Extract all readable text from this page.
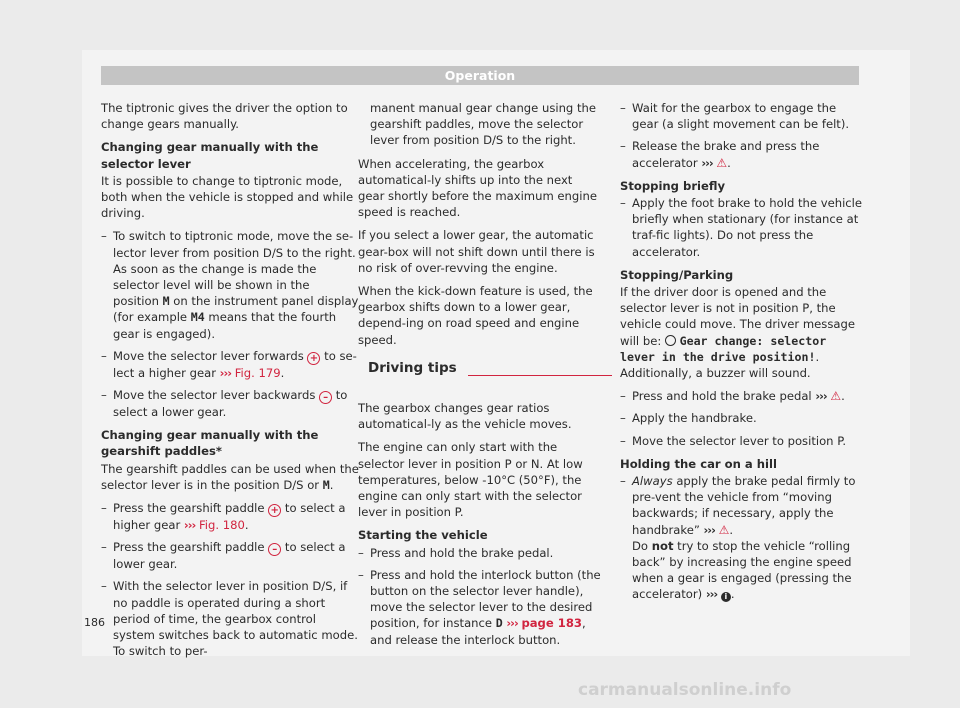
Operation

The tiptronic gives the driver the option to change gears manually.

Changing gear manually with the selector lever

It is possible to change to tiptronic mode, both when the vehicle is stopped and while driving.

– To switch to tiptronic mode, move the se-lector lever from position D/S to the right. As soon as the change is made the selector level will be shown in the position M on the instrument panel display (for example M4 means that the fourth gear is engaged).
– Move the selector lever forwards + to se-lect a higher gear ››› Fig. 179.
– Move the selector lever backwards – to select a lower gear.

Changing gear manually with the gearshift paddles*

The gearshift paddles can be used when the selector lever is in the position D/S or M.

– Press the gearshift paddle + to select a higher gear ››› Fig. 180.
– Press the gearshift paddle – to select a lower gear.
– With the selector lever in position D/S, if no paddle is operated during a short period of time, the gearbox control system switches back to automatic mode. To switch to per-

manent manual gear change using the gearshift paddles, move the selector lever from position D/S to the right.

When accelerating, the gearbox automatical-ly shifts up into the next gear shortly before the maximum engine speed is reached.

If you select a lower gear, the automatic gear-box will not shift down until there is no risk of over-revving the engine.

When the kick-down feature is used, the gearbox shifts down to a lower gear, depend-ing on road speed and engine speed.

Driving tips

The gearbox changes gear ratios automatical-ly as the vehicle moves.

The engine can only start with the selector lever in position P or N. At low temperatures, below -10°C (50°F), the engine can only start with the selector lever in position P.

Starting the vehicle

– Press and hold the brake pedal.
– Press and hold the interlock button (the button on the selector lever handle), move the selector lever to the desired position, for instance D ››› page 183, and release the interlock button.
– Wait for the gearbox to engage the gear (a slight movement can be felt).
– Release the brake and press the accelerator ››› ⚠.

Stopping briefly

– Apply the foot brake to hold the vehicle briefly when stationary (for instance at traf-fic lights). Do not press the accelerator.

Stopping/Parking

If the driver door is opened and the selector lever is not in position P, the vehicle could move. The driver message will be:  Gear change: selector lever in the drive position!. Additionally, a buzzer will sound.

– Press and hold the brake pedal ››› ⚠.
– Apply the handbrake.
– Move the selector lever to position P.

Holding the car on a hill

– Always apply the brake pedal firmly to pre-vent the vehicle from “moving backwards; if necessary, apply the handbrake” ››› ⚠.
Do not try to stop the vehicle “rolling back” by increasing the engine speed when a gear is engaged (pressing the accelerator) ››› i .
186
carmanualsonline.info
